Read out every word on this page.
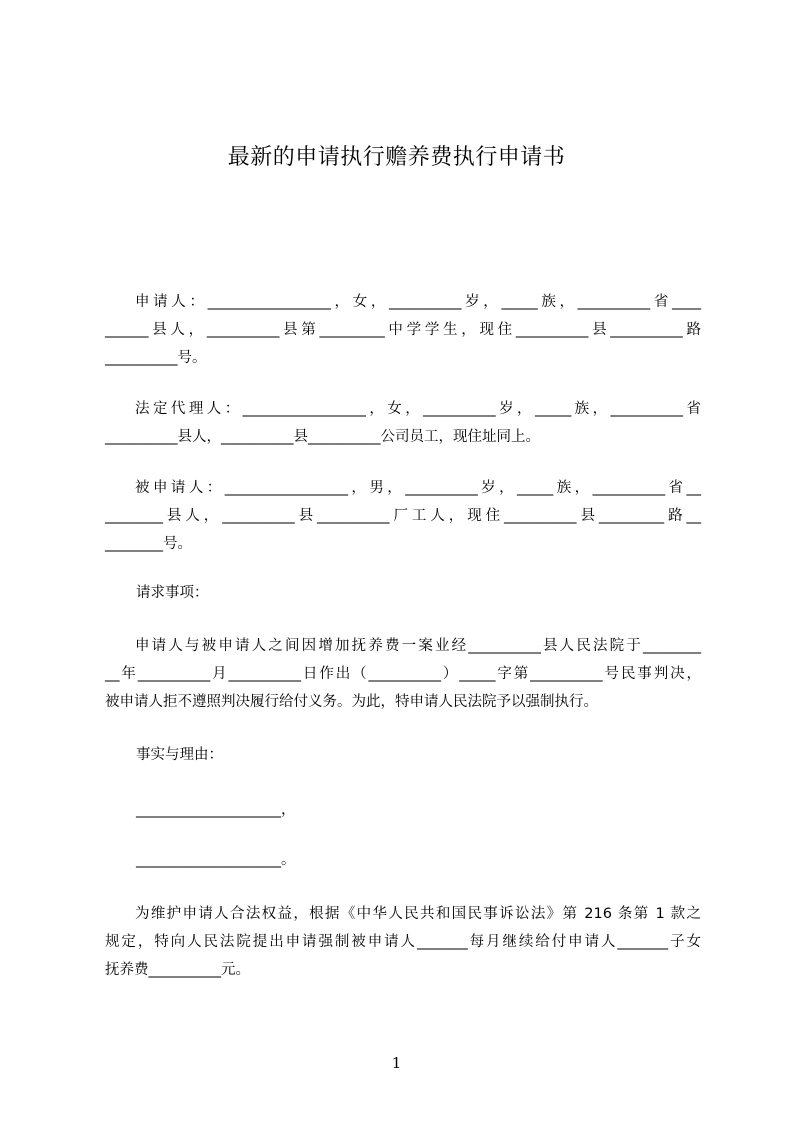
最新的申请执行赡养费执行申请书
申请人：_________________，女，__________岁，_____族，__________省____
______县人，__________县第_________中学学生，现住__________县__________路
__________号。
法定代理人：_________________，女，__________岁，_____族，__________省
__________县人，__________县__________公司员工，现住址同上。
被申请人：_________________，男，__________岁，_____族，__________省__
________县人，__________县__________厂工人，现住__________县_________路__
________号。
请求事项：
申请人与被申请人之间因增加抚养费一案业经__________县人民法院于________
__年__________月__________日作出（__________）_____字第__________号民事判决，
被申请人拒不遵照判决履行给付义务。为此，特申请人民法院予以强制执行。
事实与理由：
____________________，
____________________。
为维护申请人合法权益，根据《中华人民共和国民事诉讼法》第 216 条第 1 款之
规定，特向人民法院提出申请强制被申请人_______每月继续给付申请人_______子女
抚养费__________元。
1
